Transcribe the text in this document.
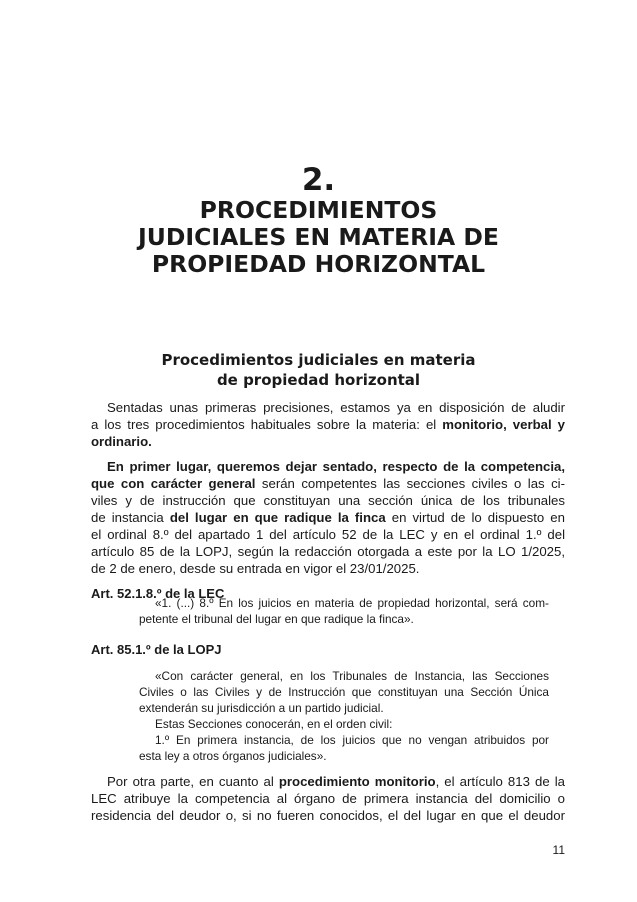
2.
PROCEDIMIENTOS
JUDICIALES EN MATERIA DE
PROPIEDAD HORIZONTAL
Procedimientos judiciales en materia
de propiedad horizontal
Sentadas unas primeras precisiones, estamos ya en disposición de aludir
a los tres procedimientos habituales sobre la materia: el monitorio, verbal y
ordinario.
En primer lugar, queremos dejar sentado, respecto de la competencia,
que con carácter general serán competentes las secciones civiles o las ci-
viles y de instrucción que constituyan una sección única de los tribunales
de instancia del lugar en que radique la finca en virtud de lo dispuesto en
el ordinal 8.º del apartado 1 del artículo 52 de la LEC y en el ordinal 1.º del
artículo 85 de la LOPJ, según la redacción otorgada a este por la LO 1/2025,
de 2 de enero, desde su entrada en vigor el 23/01/2025.
Art. 52.1.8.º de la LEC
«1. (...) 8.º En los juicios en materia de propiedad horizontal, será com-
petente el tribunal del lugar en que radique la finca».
Art. 85.1.º de la LOPJ
«Con carácter general, en los Tribunales de Instancia, las Secciones
Civiles o las Civiles y de Instrucción que constituyan una Sección Única
extenderán su jurisdicción a un partido judicial.
Estas Secciones conocerán, en el orden civil:
1.º En primera instancia, de los juicios que no vengan atribuidos por
esta ley a otros órganos judiciales».
Por otra parte, en cuanto al procedimiento monitorio, el artículo 813 de la
LEC atribuye la competencia al órgano de primera instancia del domicilio o
residencia del deudor o, si no fueren conocidos, el del lugar en que el deudor
11
